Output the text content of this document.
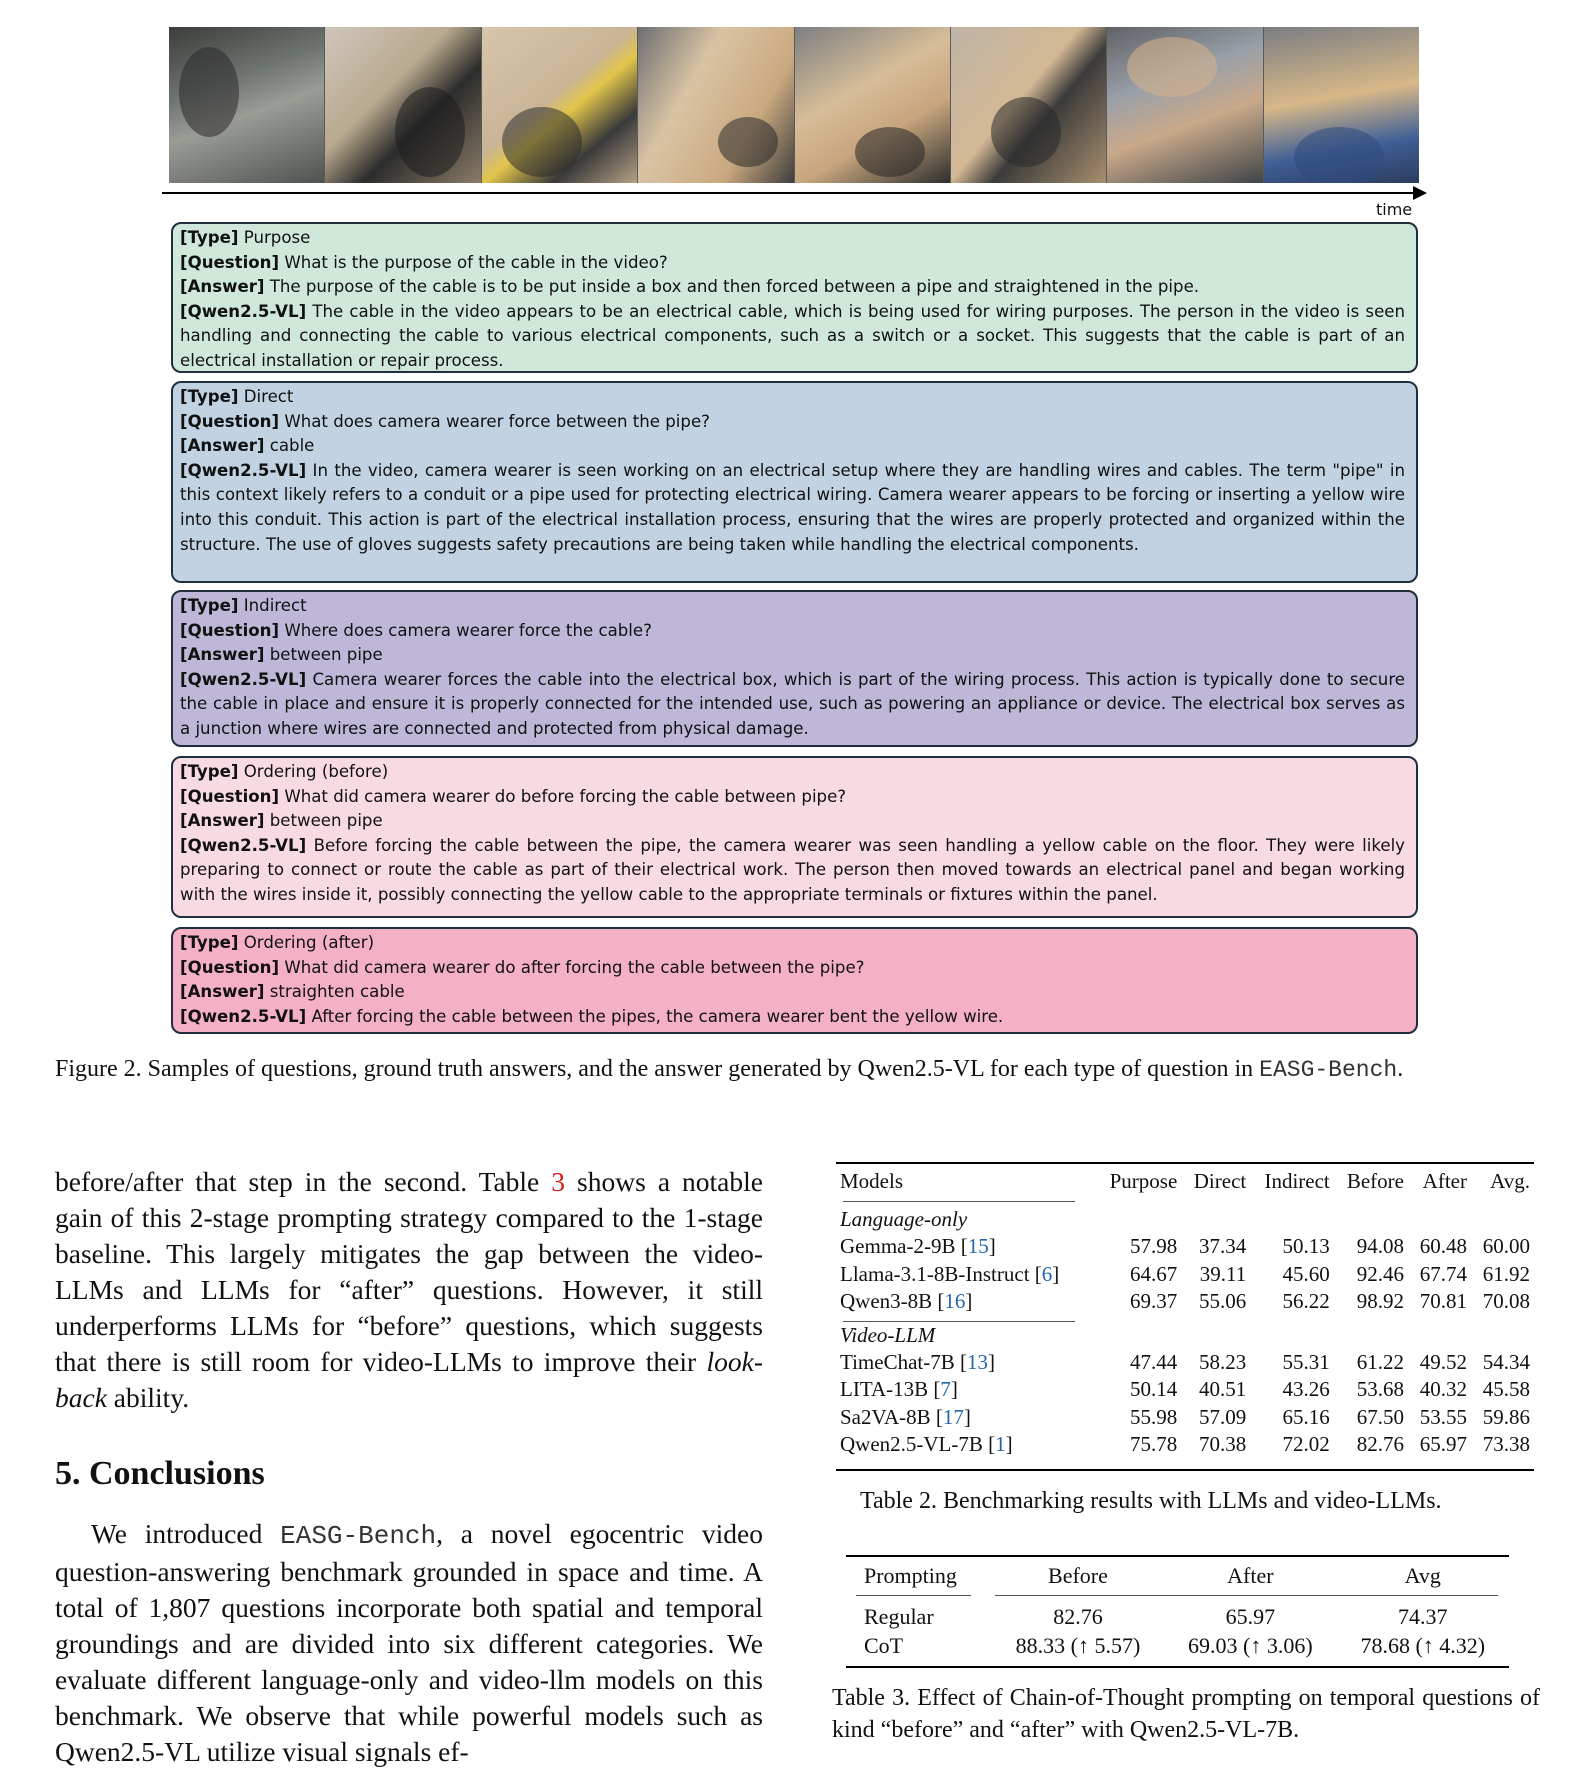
time

[Type] Purpose

[Question] What is the purpose of the cable in the video?

[Answer] The purpose of the cable is to be put inside a box and then forced between a pipe and straightened in the pipe.

[Qwen2.5-VL] The cable in the video appears to be an electrical cable, which is being used for wiring purposes. The person in the video is seen handling and connecting the cable to various electrical components, such as a switch or a socket. This suggests that the cable is part of an electrical installation or repair process.

[Type] Direct

[Question] What does camera wearer force between the pipe?

[Answer] cable

[Qwen2.5-VL] In the video, camera wearer is seen working on an electrical setup where they are handling wires and cables. The term "pipe" in this context likely refers to a conduit or a pipe used for protecting electrical wiring. Camera wearer appears to be forcing or inserting a yellow wire into this conduit. This action is part of the electrical installation process, ensuring that the wires are properly protected and organized within the structure. The use of gloves suggests safety precautions are being taken while handling the electrical components.

[Type] Indirect

[Question] Where does camera wearer force the cable?

[Answer] between pipe

[Qwen2.5-VL] Camera wearer forces the cable into the electrical box, which is part of the wiring process. This action is typically done to secure the cable in place and ensure it is properly connected for the intended use, such as powering an appliance or device. The electrical box serves as a junction where wires are connected and protected from physical damage.

[Type] Ordering (before)

[Question] What did camera wearer do before forcing the cable between pipe?

[Answer] between pipe

[Qwen2.5-VL] Before forcing the cable between the pipe, the camera wearer was seen handling a yellow cable on the floor. They were likely preparing to connect or route the cable as part of their electrical work. The person then moved towards an electrical panel and began working with the wires inside it, possibly connecting the yellow cable to the appropriate terminals or fixtures within the panel.

[Type] Ordering (after)

[Question] What did camera wearer do after forcing the cable between the pipe?

[Answer] straighten cable

[Qwen2.5-VL] After forcing the cable between the pipes, the camera wearer bent the yellow wire.

Figure 2. Samples of questions, ground truth answers, and the answer generated by Qwen2.5-VL for each type of question in EASG-Bench.
before/after that step in the second. Table 3 shows a notable gain of this 2-stage prompting strategy compared to the 1-stage baseline. This largely mitigates the gap between the video-LLMs and LLMs for “after” questions. However, it still underperforms LLMs for “before” questions, which suggests that there is still room for video-LLMs to improve their look-back ability.
5. Conclusions
We introduced EASG-Bench, a novel egocentric video question-answering benchmark grounded in space and time. A total of 1,807 questions incorporate both spatial and temporal groundings and are divided into six different categories. We evaluate different language-only and video-llm models on this benchmark. We observe that while powerful models such as Qwen2.5-VL utilize visual signals ef-
Models	Purpose	Direct	Indirect	Before	After	Avg.
Language-only						
Gemma-2-9B [15]	57.98	37.34	50.13	94.08	60.48	60.00
Llama-3.1-8B-Instruct [6]	64.67	39.11	45.60	92.46	67.74	61.92
Qwen3-8B [16]	69.37	55.06	56.22	98.92	70.81	70.08
Video-LLM						
TimeChat-7B [13]	47.44	58.23	55.31	61.22	49.52	54.34
LITA-13B [7]	50.14	40.51	43.26	53.68	40.32	45.58
Sa2VA-8B [17]	55.98	57.09	65.16	67.50	53.55	59.86
Qwen2.5-VL-7B [1]	75.78	70.38	72.02	82.76	65.97	73.38
Table 2. Benchmarking results with LLMs and video-LLMs.
Prompting	Before	After	Avg
Regular	82.76	65.97	74.37
CoT	88.33 (↑ 5.57)	69.03 (↑ 3.06)	78.68 (↑ 4.32)
Table 3. Effect of Chain-of-Thought prompting on temporal questions of kind “before” and “after” with Qwen2.5-VL-7B.
